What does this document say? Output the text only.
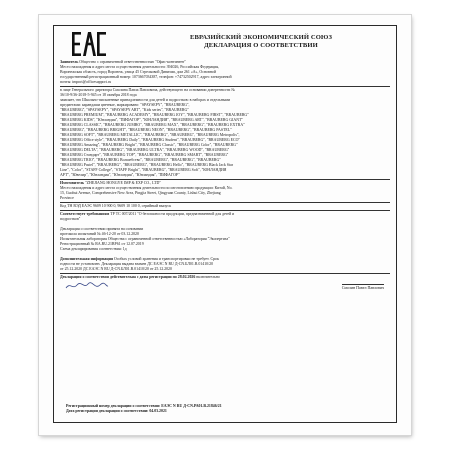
ЕВРАЗИЙСКИЙ ЭКОНОМИЧЕСКИЙ СОЮЗ
ДЕКЛАРАЦИЯ О СООТВЕТСТВИИ
Заявитель Общество с ограниченной ответственностью "Офис-континент"
Место нахождения и адрес места осуществления деятельности: 394026, Российская Федерация,
Воронежская область, город Воронеж, улица 45 Стрелковой Дивизии, дом 261 «А», Основной
государственный регистрационный номер: 1073667034387, телефон: +74732502917, адрес электронной
почты: import@officesupport.ru
в лице Генерального директора Смолина Павла Павловича, действующего на основании доверенности №
36/10-9/36-2018-5-945 от 18 октября 2018 года
заявляет, что Школьно-письменные принадлежности для детей и подростков: в наборах и отдельными
предметами: карандаши цветные, маркировано: "SPAYSEPY", "BRAUBERG",
"BRAUBERG", "SPAYSEPY", "SPAYSEPY ART", "Kids series", "BRAUBERG"
"BRAUBERG PREMIUM", "BRAUBERG ACADEMY", "BRAUBERG JOY", "BRAUBERG FIRST", "BRAUBERG"
"BRAUBERG KIDS", "Юнландия", "ПИФАГОР", "ЮНЛАНДИЯ", "BRAUBERG ART", "BRAUBERG GIANT"
"BRAUBERG CLASSIC", "BRAUBERG JUMBO", "BRAUBERG MAX", "BRAUBERG", "BRAUBERG EXTRA"
"BRAUBERG", "BRAUBERG BRIGHT", "BRAUBERG NEON", "BRAUBERG", "BRAUBERG PASTEL"
"BRAUBERG SOFT", "BRAUBERG METALLIC", "BRAUBERG", "BRAUBERG", "BRAUBERG Metropolis",
"BRAUBERG Office style", "BRAUBERG Daily", "BRAUBERG Student", "BRAUBERG", "BRAUBERG ECO"
"BRAUBERG Amazing", "BRAUBERG Bright", "BRAUBERG Classic", "BRAUBERG Color", "BRAUBERG"
"BRAUBERG DELTA", "BRAUBERG", "BRAUBERG ULTRA", "BRAUBERG WOOD", "BRAUBERG"
"BRAUBERG Стандарт", "BRAUBERG ТОР", "BRAUBERG", "BRAUBERG SMART", "BRAUBERG"
"BRAUBERG TRIO", "BRAUBERG Волшебство", "BRAUBERG", "BRAUBERG", "BRAUBERG"
"BRAUBERG Pastel", "BRAUBERG", "BRAUBERG", "BRAUBERG Hello", "BRAUBERG Black Jack Star
Line", "Color", "STAFF College", "STAFF Bright", "BRAUBERG", "BRAUBERG Soft", "ЮНЛАНДИЯ
АРТ", "Ювелир", "Юнландия", "Юнландия", "Юнландия", "ПИФАГОР"
Изготовитель "ZHEJIANG HONGYE IMP & EXP CO., LTD"
Место нахождения и адрес места осуществления деятельности по изготовлению продукции: Китай, No.
15, Guohui Avenue, Comprehensive New Area, Pingjia Street, Qingyuan County, Lishui City, Zhejiang
Province
Код ТН ВЭД ЕАЭС 9609 10 900 0, 9609 10 100 0, серийный выпуск
Соответствует требованиям ТР ТС 007/2011 "О безопасности продукции, предназначенной для детей и
подростков"
Декларация о соответствии принята на основании
протокола испытаний № 46-12-20 от 03.12.2020
Испытательная лаборатория Общества с ограниченной ответственностью «Лаборатория "Экспертиза"
Регистрационный № RA.RU.21ВР61 от 12.07.2019
Схема декларирования соответствия: 1д
Дополнительная информация Особых условий хранения и транспортировки не требует. Срок
годности не установлен. Декларация выдана взамен ДС ЕАЭС N RU Д-CN.БЛ01.В.01410/20
от 25.12.2020 ДС ЕАЭС N RU Д-CN.БЛ01.В.01410/20 от 25.12.2020
Декларация о соответствии действительна с даты регистрации по 28.02.2026 включительно
Смолин Павел Павлович
Регистрационный номер декларации о соответствии: ЕАЭС N RU Д-CN.РА01.В.21846/21
Дата регистрации декларации о соответствии: 04.03.2021
